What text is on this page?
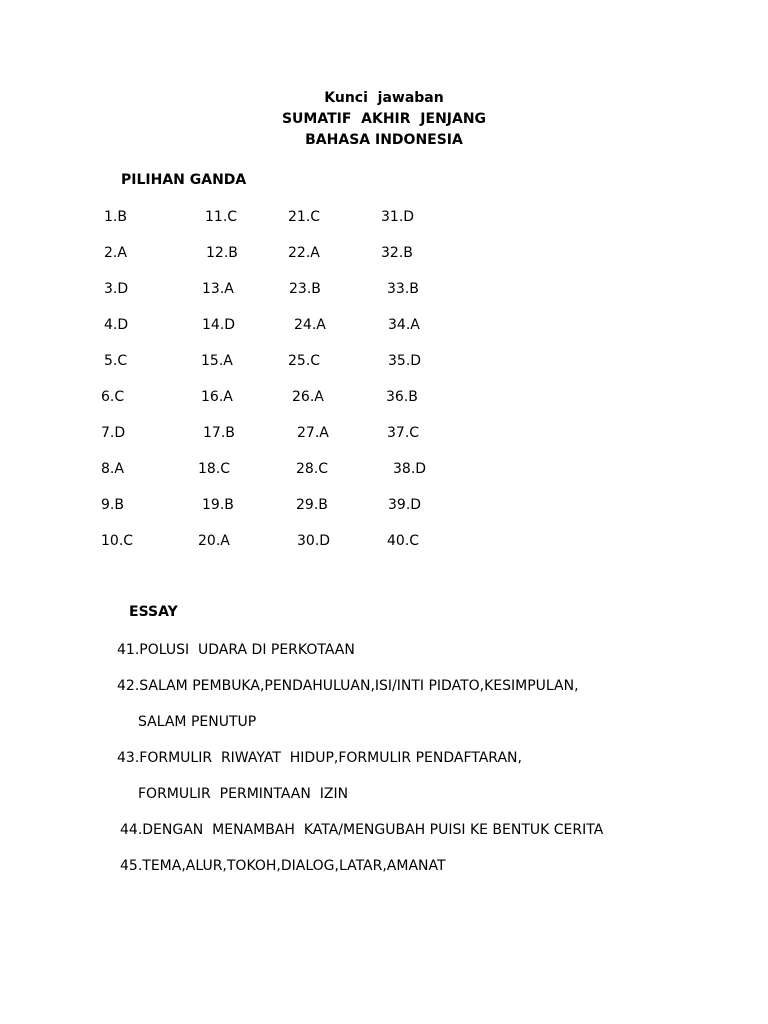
Kunci  jawaban
SUMATIF  AKHIR  JENJANG
BAHASA INDONESIA
PILIHAN GANDA
1.B
2.A
3.D
4.D
5.C
6.C
7.D
8.A
9.B
10.C
11.C
12.B
13.A
14.D
15.A
16.A
17.B
18.C
19.B
20.A
21.C
22.A
23.B
24.A
25.C
26.A
27.A
28.C
29.B
30.D
31.D
32.B
33.B
34.A
35.D
36.B
37.C
38.D
39.D
40.C
ESSAY
41.POLUSI  UDARA DI PERKOTAAN
42.SALAM PEMBUKA,PENDAHULUAN,ISI/INTI PIDATO,KESIMPULAN,
SALAM PENUTUP
43.FORMULIR  RIWAYAT  HIDUP,FORMULIR PENDAFTARAN,
FORMULIR  PERMINTAAN  IZIN
44.DENGAN  MENAMBAH  KATA/MENGUBAH PUISI KE BENTUK CERITA
45.TEMA,ALUR,TOKOH,DIALOG,LATAR,AMANAT
